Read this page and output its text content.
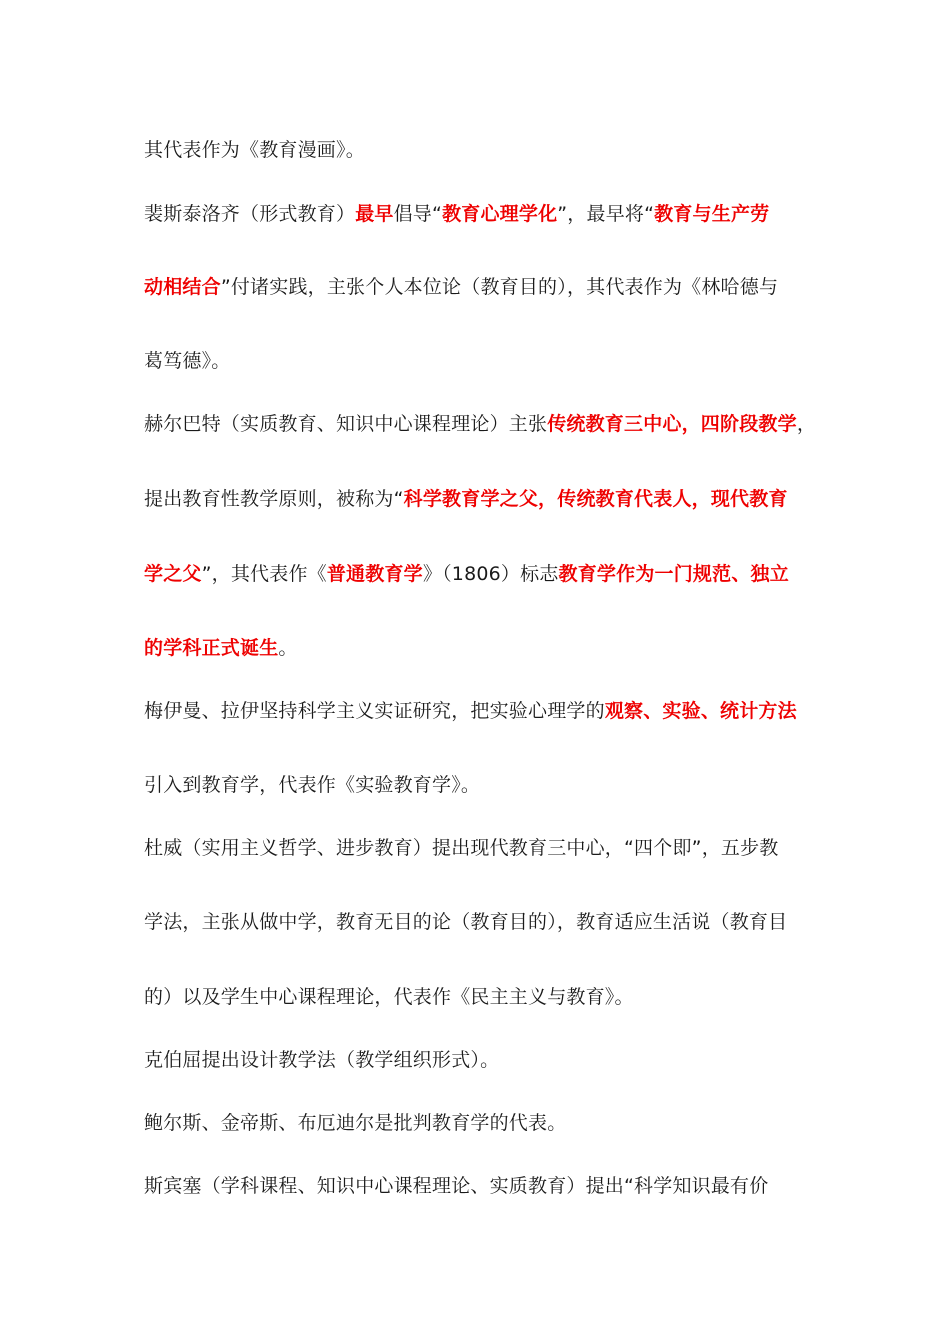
其代表作为《教育漫画》。
裴斯泰洛齐（形式教育）最早倡导“教育心理学化”，最早将“教育与生产劳
动相结合”付诸实践，主张个人本位论（教育目的），其代表作为《林哈德与
葛笃德》。
赫尔巴特（实质教育、知识中心课程理论）主张传统教育三中心，四阶段教学，
提出教育性教学原则，被称为“科学教育学之父，传统教育代表人，现代教育
学之父”，其代表作《普通教育学》（1806）标志教育学作为一门规范、独立
的学科正式诞生。
梅伊曼、拉伊坚持科学主义实证研究，把实验心理学的观察、实验、统计方法
引入到教育学，代表作《实验教育学》。
杜威（实用主义哲学、进步教育）提出现代教育三中心，“四个即”，五步教
学法，主张从做中学，教育无目的论（教育目的），教育适应生活说（教育目
的）以及学生中心课程理论，代表作《民主主义与教育》。
克伯屈提出设计教学法（教学组织形式）。
鲍尔斯、金帝斯、布厄迪尔是批判教育学的代表。
斯宾塞（学科课程、知识中心课程理论、实质教育）提出“科学知识最有价
